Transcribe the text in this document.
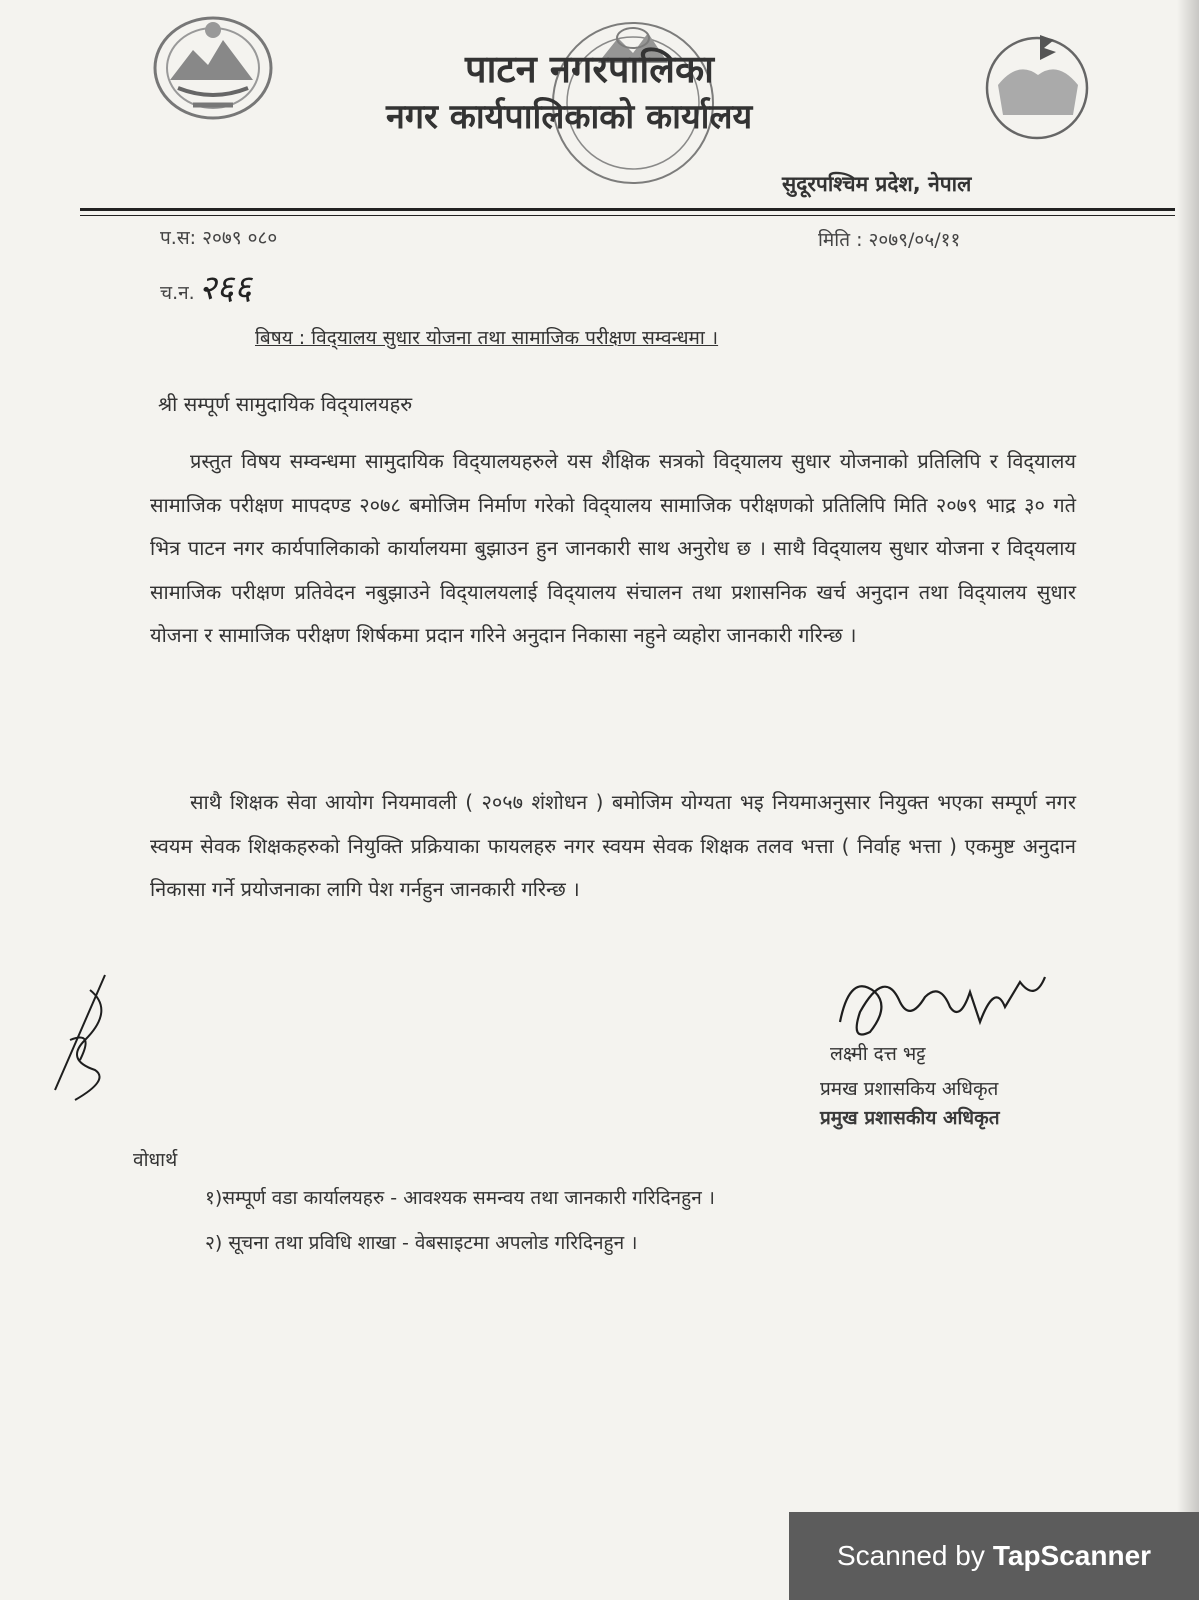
पाटन नगरपालिका
नगर कार्यपालिकाको कार्यालय
सुदूरपश्चिम प्रदेश, नेपाल
प.स: २०७९ ०८०	मिति : २०७९/०५/११
च.न. २६६
बिषय : विद्‍यालय सुधार योजना तथा सामाजिक परीक्षण सम्वन्धमा ।
श्री सम्पूर्ण सामुदायिक विद्‍यालयहरु
प्रस्तुत विषय सम्वन्धमा सामुदायिक विद्‍यालयहरुले यस शैक्षिक सत्रको विद्‍यालय सुधार योजनाको प्रतिलिपि र विद्‍यालय सामाजिक परीक्षण मापदण्ड २०७८ बमोजिम निर्माण गरेको विद्‍यालय सामाजिक परीक्षणको प्रतिलिपि मिति २०७९ भाद्र ३० गते भित्र पाटन नगर कार्यपालिकाको कार्यालयमा बुझाउन हुन जानकारी साथ अनुरोध छ । साथै विद्‍यालय सुधार योजना र विद्‍यलाय सामाजिक परीक्षण प्रतिवेदन नबुझाउने विद्‍यालयलाई विद्‍यालय संचालन तथा प्रशासनिक खर्च अनुदान तथा विद्‍यालय सुधार योजना र सामाजिक परीक्षण शिर्षकमा प्रदान गरिने अनुदान निकासा नहुने व्यहोरा जानकारी गरिन्छ ।
साथै शिक्षक सेवा आयोग नियमावली ( २०५७ शंशोधन ) बमोजिम योग्यता भइ नियमाअनुसार नियुक्त भएका सम्पूर्ण नगर स्वयम सेवक शिक्षकहरुको नियुक्ति प्रक्रियाका फायलहरु नगर स्वयम सेवक शिक्षक तलव भत्ता ( निर्वाह भत्ता ) एकमुष्ट अनुदान निकासा गर्ने प्रयोजनाका लागि पेश गर्नहुन जानकारी गरिन्छ ।
लक्ष्मी दत्त भट्ट
प्रमख प्रशासकिय अधिकृत
प्रमुख प्रशासकीय अधिकृत
वोधार्थ
१)सम्पूर्ण वडा कार्यालयहरु - आवश्यक समन्वय तथा जानकारी गरिदिनहुन ।
२) सूचना तथा प्रविधि शाखा - वेबसाइटमा अपलोड गरिदिनहुन ।
Scanned by TapScanner
